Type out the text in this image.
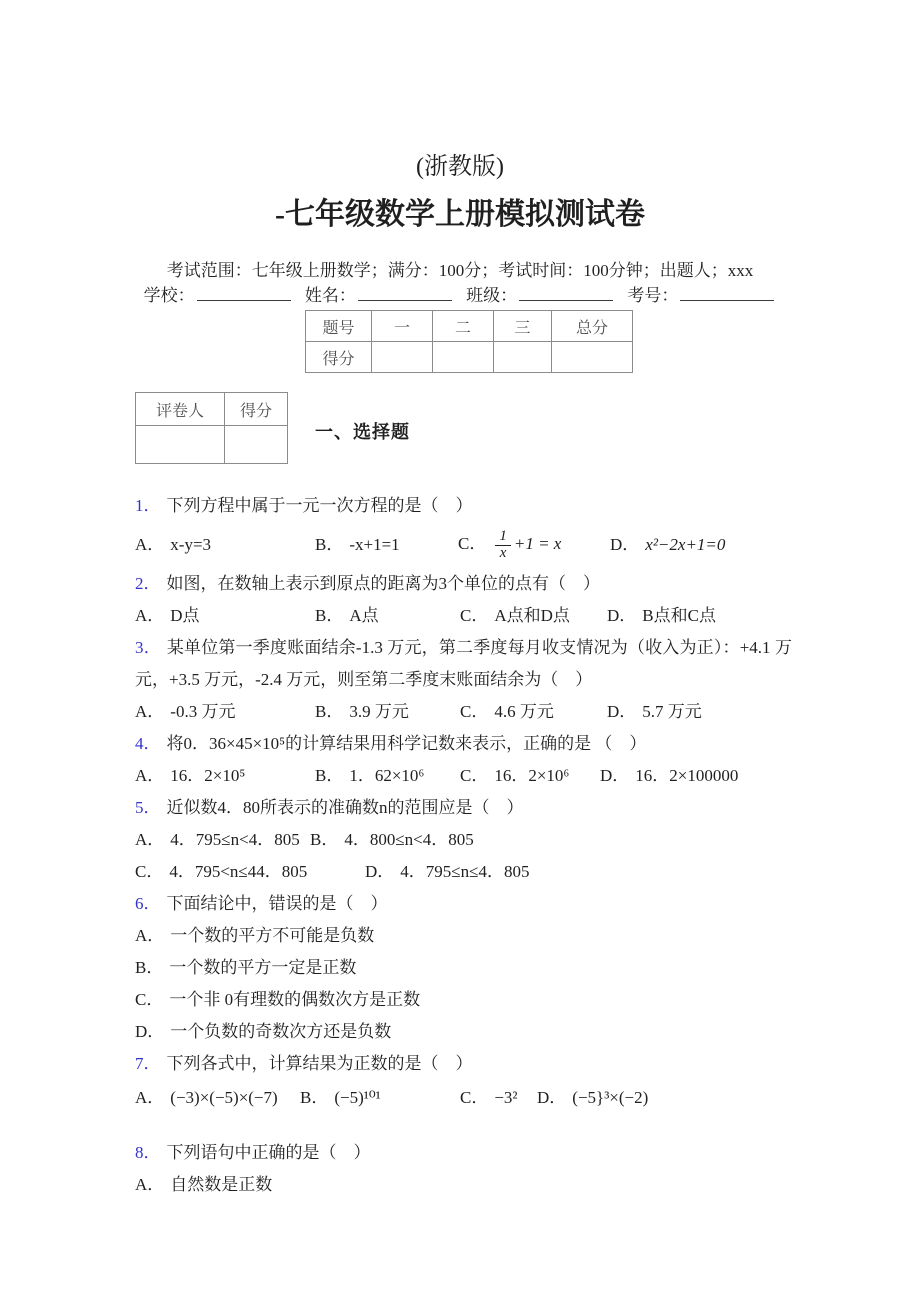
(浙教版)
-七年级数学上册模拟测试卷
考试范围：七年级上册数学；满分：100分；考试时间：100分钟；出题人；xxx
学校：	姓名：	班级：	考号：
题号	一	二	三	总分
得分				
评卷人	得分

一、选择题
1． 下列方程中属于一元一次方程的是（　）
A． x-y=3	B． -x+1=1	C． $\frac{1}{x} +1 = x$	D． x²−2x+1=0
2． 如图，在数轴上表示到原点的距离为3个单位的点有（　）
A． D点	B． A点	C． A点和D点	D． B点和C点
3． 某单位第一季度账面结余-1.3 万元，第二季度每月收支情况为（收入为正）：+4.1 万元，+3.5 万元，-2.4 万元，则至第二季度末账面结余为（　）
A． -0.3 万元	B． 3.9 万元	C． 4.6 万元	D． 5.7 万元
4． 将0．36×45×10⁵的计算结果用科学记数来表示，正确的是 （　）
A． 16．2×10⁵	B． 1．62×10⁶	C． 16．2×10⁶	D． 16．2×100000
5． 近似数4．80所表示的准确数n的范围应是（　）
A． 4．795≤n<4．805 B． 4．800≤n<4．805
C． 4．795<n≤44．805	D． 4．795≤n≤4．805
6． 下面结论中，错误的是（　）
A． 一个数的平方不可能是负数
B． 一个数的平方一定是正数
C． 一个非 0有理数的偶数次方是正数
D． 一个负数的奇数次方还是负数
7． 下列各式中，计算结果为正数的是（　）
A． (−3)×(−5)×(−7)	B． (−5)¹⁰¹	C． −3²	D． (−5}³×(−2)
8． 下列语句中正确的是（　）
A． 自然数是正数
